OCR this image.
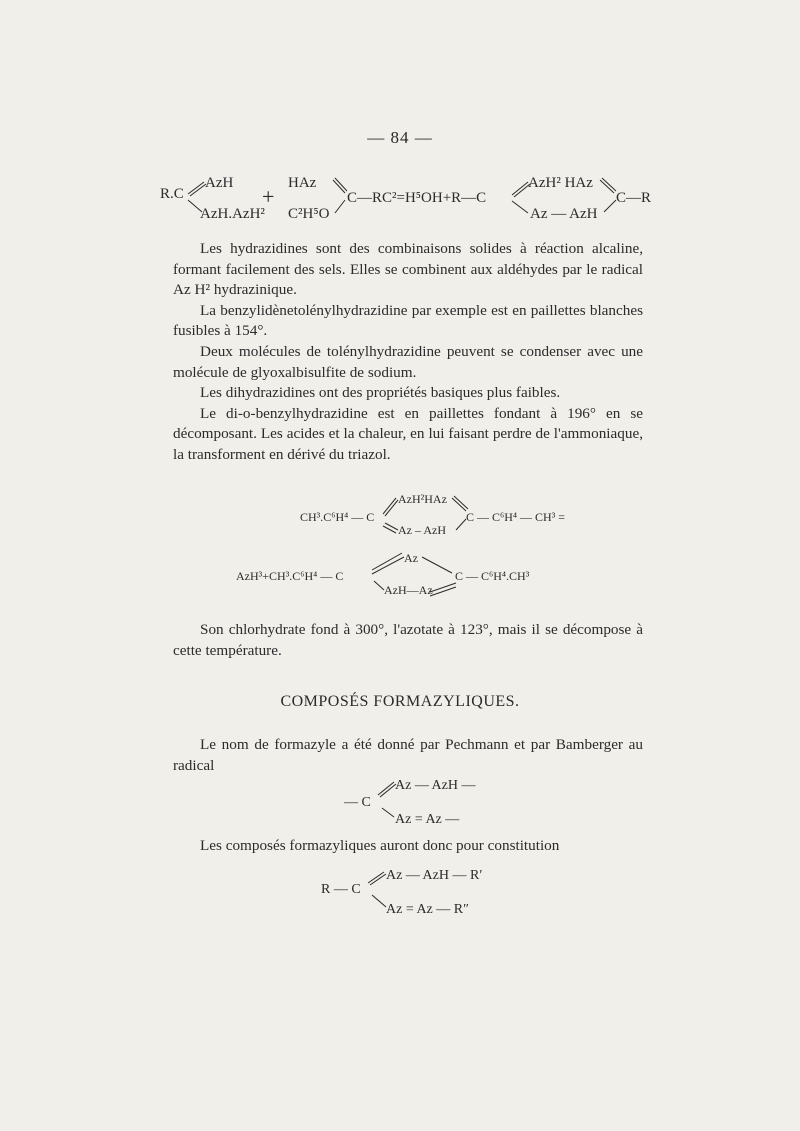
— 84 —
R.C
AzH
AzH.AzH²
+
HAz
C²H⁵O
C—RC²=H⁵OH+R—C
AzH² HAz
Az — AzH
C—R
CH³.C⁶H⁴ — C
AzH²HAz
Az – AzH
C — C⁶H⁴ — CH³ =
AzH³+CH³.C⁶H⁴ — C
Az
AzH—Az
C — C⁶H⁴.CH³
— C
Az — AzH —
Az = Az —
R — C
Az — AzH — R′
Az = Az — R″

Les hydrazidines sont des combinaisons solides à réaction alcaline, formant facilement des sels. Elles se combinent aux aldéhydes par le radical Az H² hydrazinique.

La benzylidènetolénylhydrazidine par exemple est en paillettes blanches fusibles à 154°.

Deux molécules de tolénylhydrazidine peuvent se condenser avec une molécule de glyoxalbisulfite de sodium.

Les dihydrazidines ont des propriétés basiques plus faibles.

Le di-o-benzylhydrazidine est en paillettes fondant à 196° en se décomposant. Les acides et la chaleur, en lui faisant perdre de l'ammoniaque, la transforment en dérivé du triazol.

Son chlorhydrate fond à 300°, l'azotate à 123°, mais il se décompose à cette température.

COMPOSÉS FORMAZYLIQUES.

Le nom de formazyle a été donné par Pechmann et par Bamberger au radical

Les composés formazyliques auront donc pour constitution
